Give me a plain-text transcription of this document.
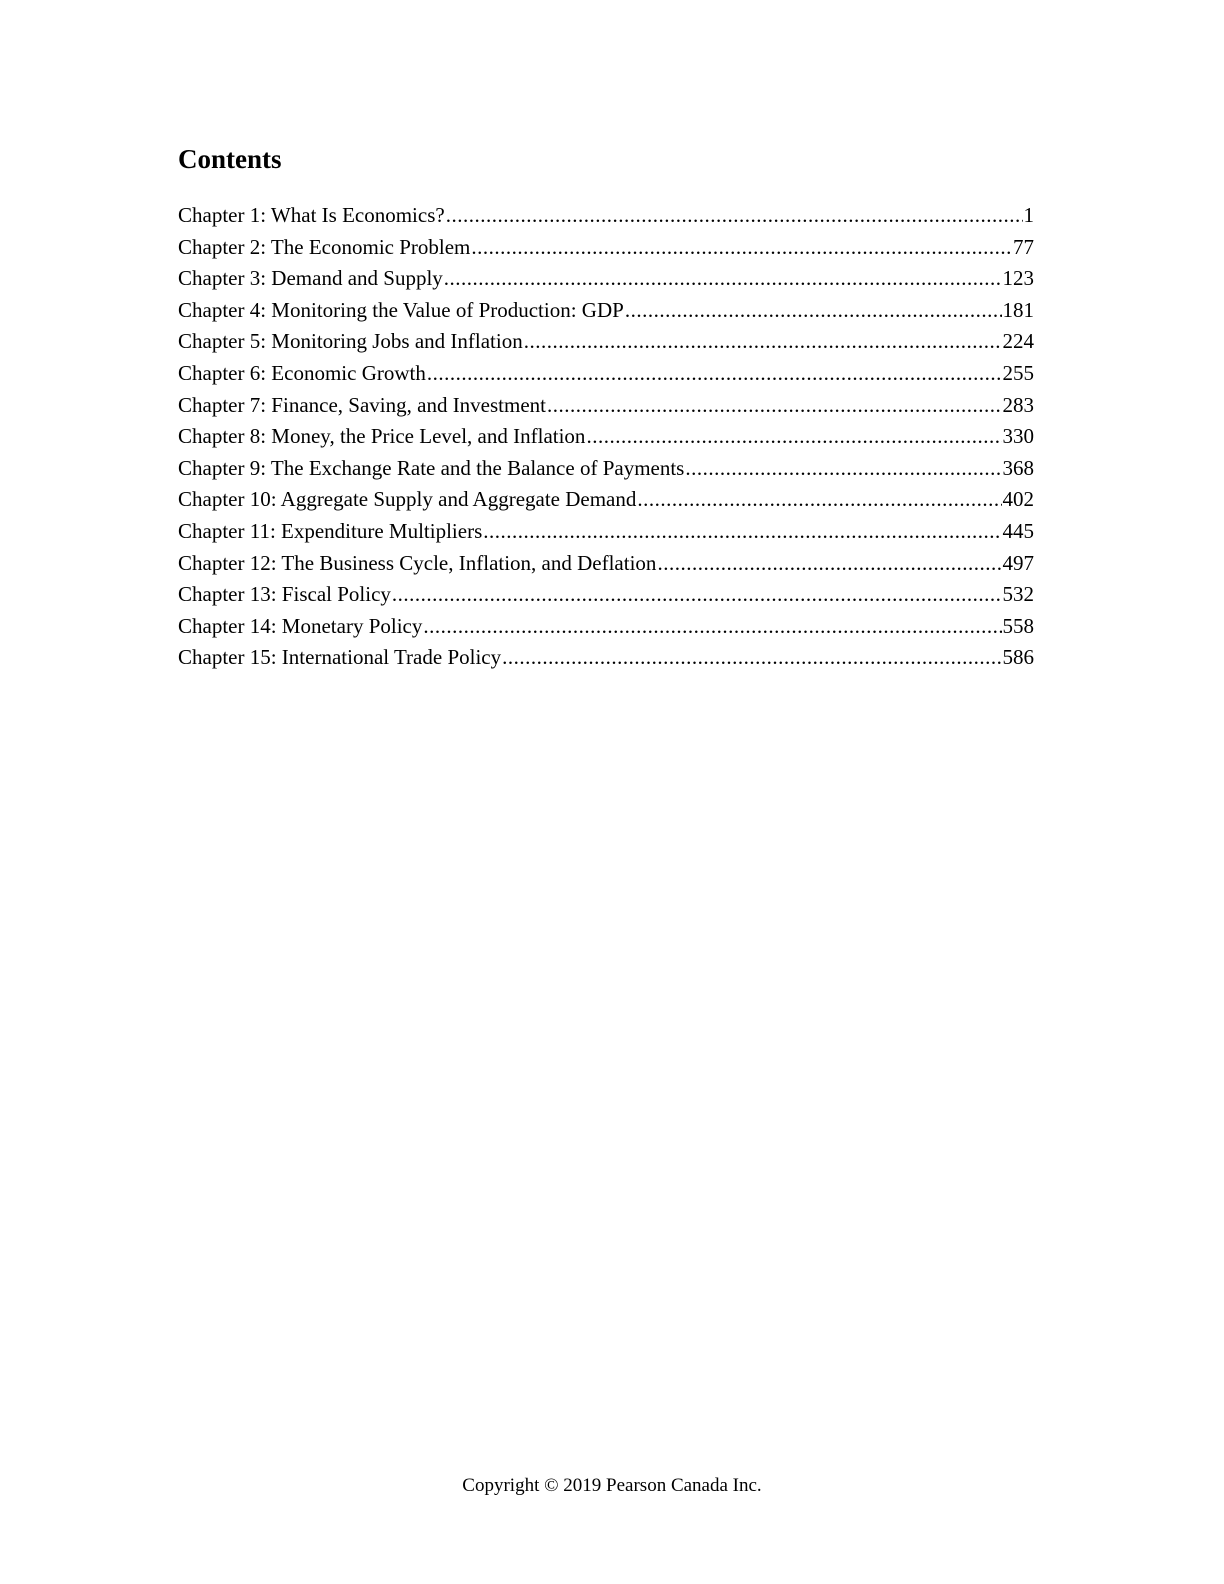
Contents
Chapter 1: What Is Economics? .....	1
Chapter 2: The Economic Problem .....	77
Chapter 3: Demand and Supply .....	123
Chapter 4: Monitoring the Value of Production: GDP .....	181
Chapter 5: Monitoring Jobs and Inflation .....	224
Chapter 6: Economic Growth .....	255
Chapter 7: Finance, Saving, and Investment .....	283
Chapter 8: Money, the Price Level, and Inflation .....	330
Chapter 9: The Exchange Rate and the Balance of Payments .....	368
Chapter 10: Aggregate Supply and Aggregate Demand .....	402
Chapter 11: Expenditure Multipliers .....	445
Chapter 12: The Business Cycle, Inflation, and Deflation .....	497
Chapter 13: Fiscal Policy .....	532
Chapter 14: Monetary Policy .....	558
Chapter 15: International Trade Policy .....	586

Copyright © 2019 Pearson Canada Inc.
